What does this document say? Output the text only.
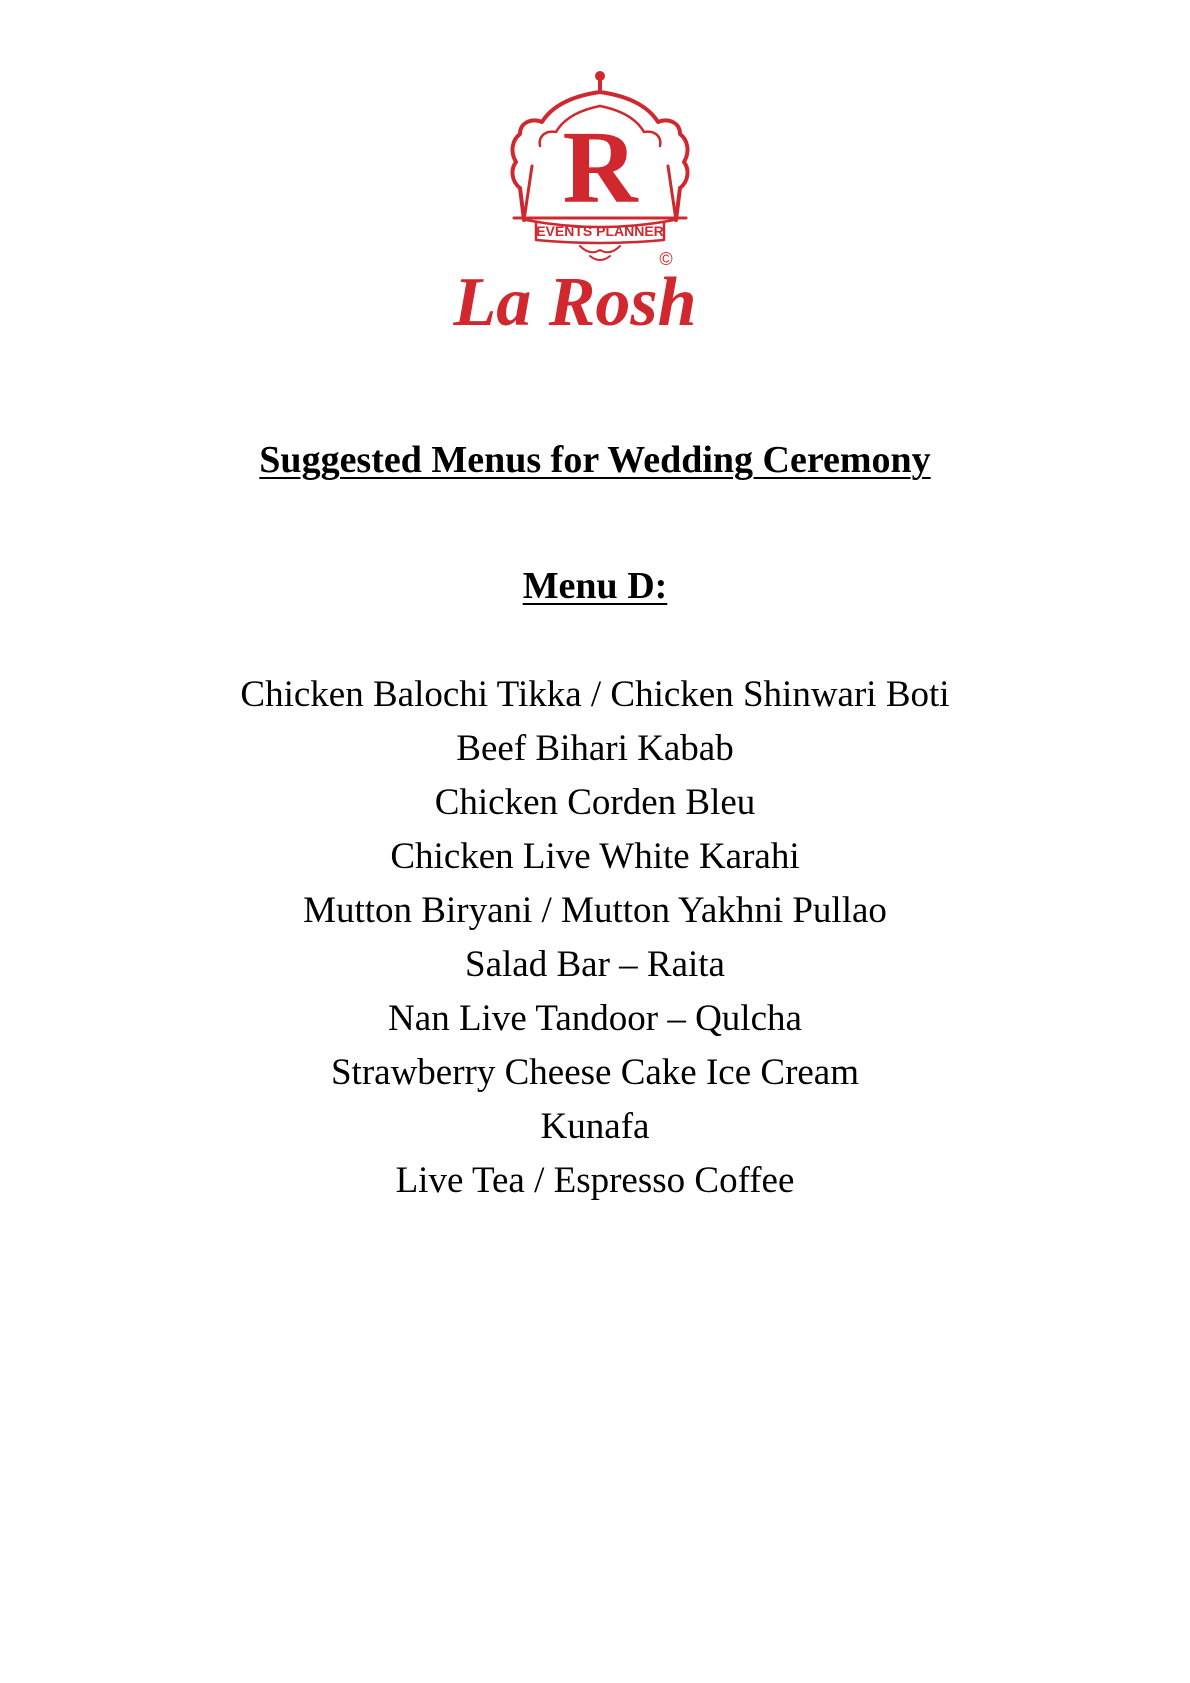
R
EVENTS PLANNER
La Rosh
©
Suggested Menus for Wedding Ceremony
Menu D:
Chicken Balochi Tikka / Chicken Shinwari Boti
Beef Bihari Kabab
Chicken Corden Bleu
Chicken Live White Karahi
Mutton Biryani / Mutton Yakhni Pullao
Salad Bar – Raita
Nan Live Tandoor – Qulcha
Strawberry Cheese Cake Ice Cream
Kunafa
Live Tea / Espresso Coffee
